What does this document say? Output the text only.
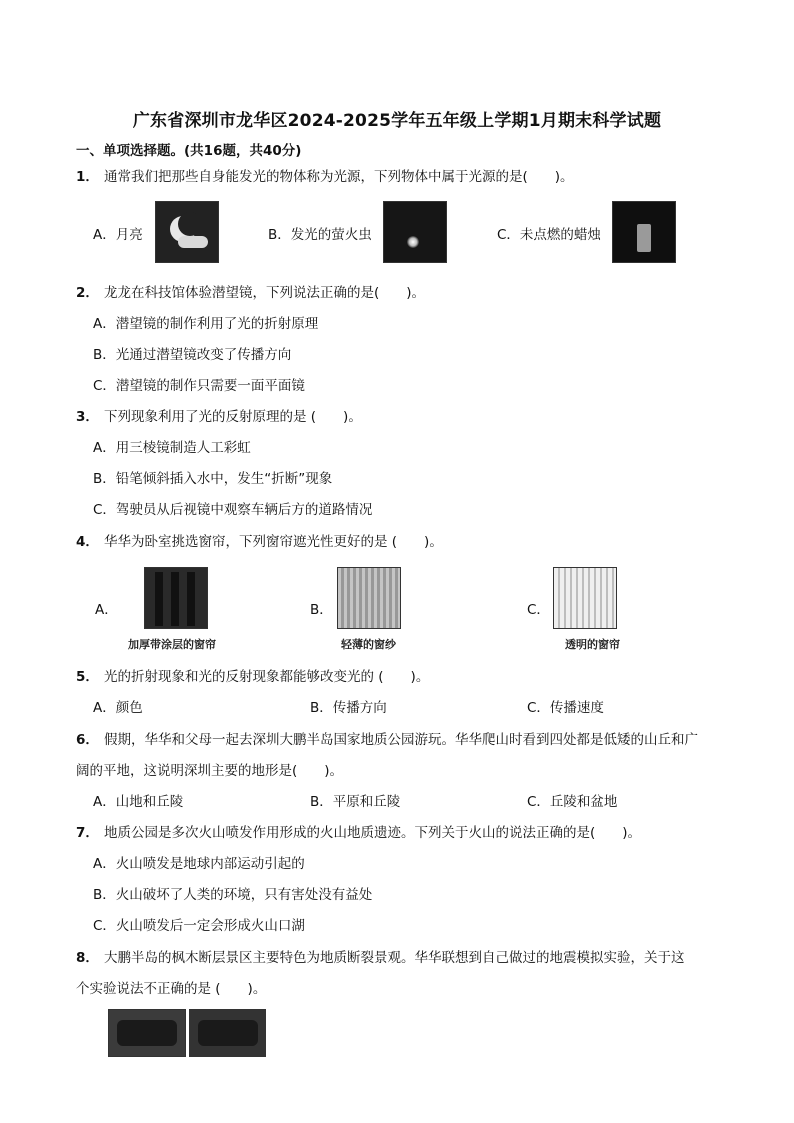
广东省深圳市龙华区2024-2025学年五年级上学期1月期末科学试题
一、单项选择题。(共16题，共40分)
1． 通常我们把那些自身能发光的物体称为光源，下列物体中属于光源的是(　　)。
A．月亮	B．发光的萤火虫	C．未点燃的蜡烛
2． 龙龙在科技馆体验潜望镜，下列说法正确的是(　　)。
A．潜望镜的制作利用了光的折射原理
B．光通过潜望镜改变了传播方向
C．潜望镜的制作只需要一面平面镜
3． 下列现象利用了光的反射原理的是 (　　)。
A．用三棱镜制造人工彩虹
B．铅笔倾斜插入水中，发生“折断”现象
C．驾驶员从后视镜中观察车辆后方的道路情况
4． 华华为卧室挑选窗帘，下列窗帘遮光性更好的是 (　　)。
A．
加厚带涂层的窗帘
B．
轻薄的窗纱
C．
透明的窗帘
5． 光的折射现象和光的反射现象都能够改变光的 (　　)。
A．颜色	B．传播方向	C．传播速度
6． 假期，华华和父母一起去深圳大鹏半岛国家地质公园游玩。华华爬山时看到四处都是低矮的山丘和广
阔的平地，这说明深圳主要的地形是(　　)。
A．山地和丘陵	B．平原和丘陵	C．丘陵和盆地
7． 地质公园是多次火山喷发作用形成的火山地质遗迹。下列关于火山的说法正确的是(　　)。
A．火山喷发是地球内部运动引起的
B．火山破坏了人类的环境，只有害处没有益处
C．火山喷发后一定会形成火山口湖
8． 大鹏半岛的枫木断层景区主要特色为地质断裂景观。华华联想到自己做过的地震模拟实验，关于这
个实验说法不正确的是 (　　)。
